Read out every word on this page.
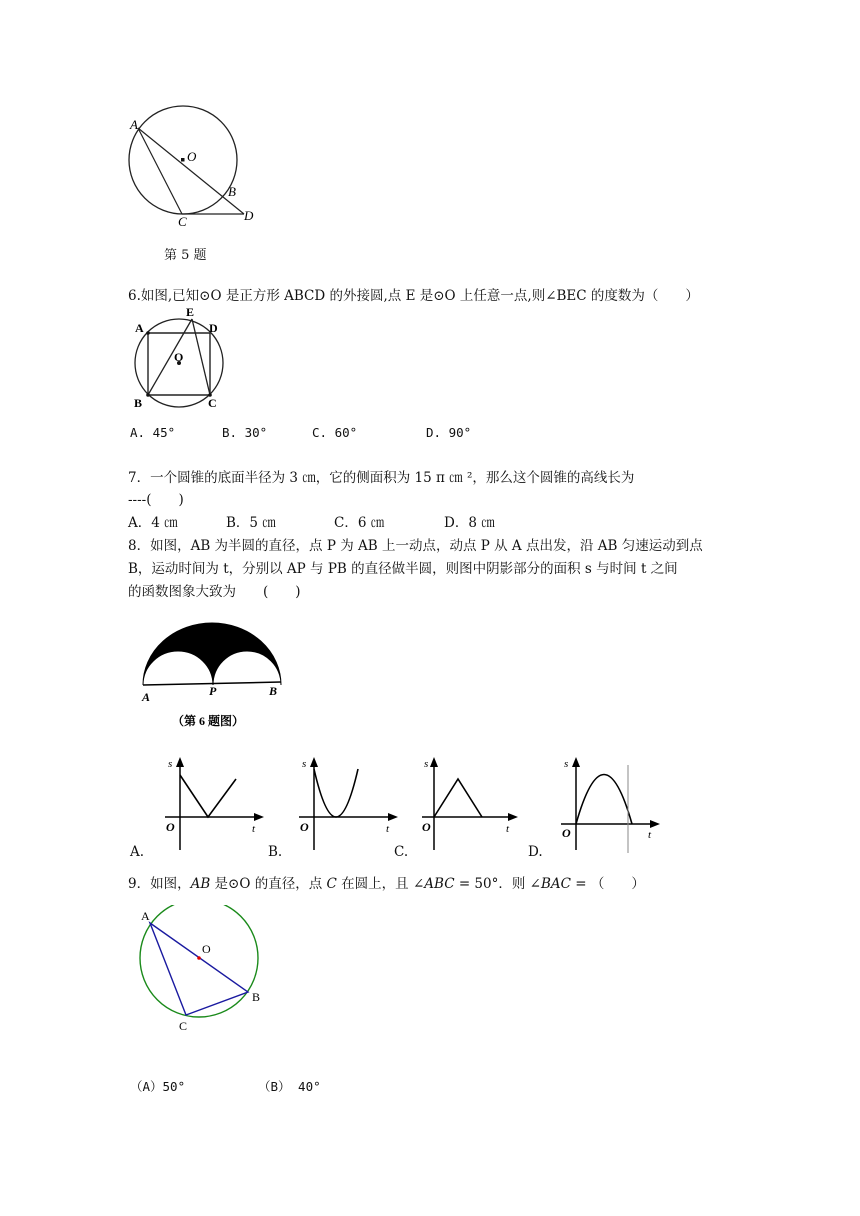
A
O
B
C	D
第 5 题
6.如图,已知⊙O 是正方形 ABCD 的外接圆,点 E 是⊙O 上任意一点,则∠BEC 的度数为（　　）
A
E
D
O
B	C
A. 45°	B. 30°	C. 60°	D. 90°
7．一个圆锥的底面半径为 3 ㎝，它的侧面积为 15 π ㎝ ²，那么这个圆锥的高线长为
----(　　)
A．4 ㎝	B．5 ㎝	C．6 ㎝	D．8 ㎝
8．如图，AB 为半圆的直径，点 P 为 AB 上一动点，动点 P 从 A 点出发，沿 AB 匀速运动到点
B，运动时间为 t，分别以 AP 与 PB 的直径做半圆，则图中阴影部分的面积 s 与时间 t 之间
的函数图象大致为　　(　　)
A	P	B
（第 6 题图）
s
O	t
s
O	t
s
O	t
s
O	t
A.	B.	C.	D.
9．如图，AB 是⊙O 的直径，点 C 在圆上，且 ∠ABC = 50°．则 ∠BAC = （　　）
A
O
B
C
（A）50°	（B） 40°
